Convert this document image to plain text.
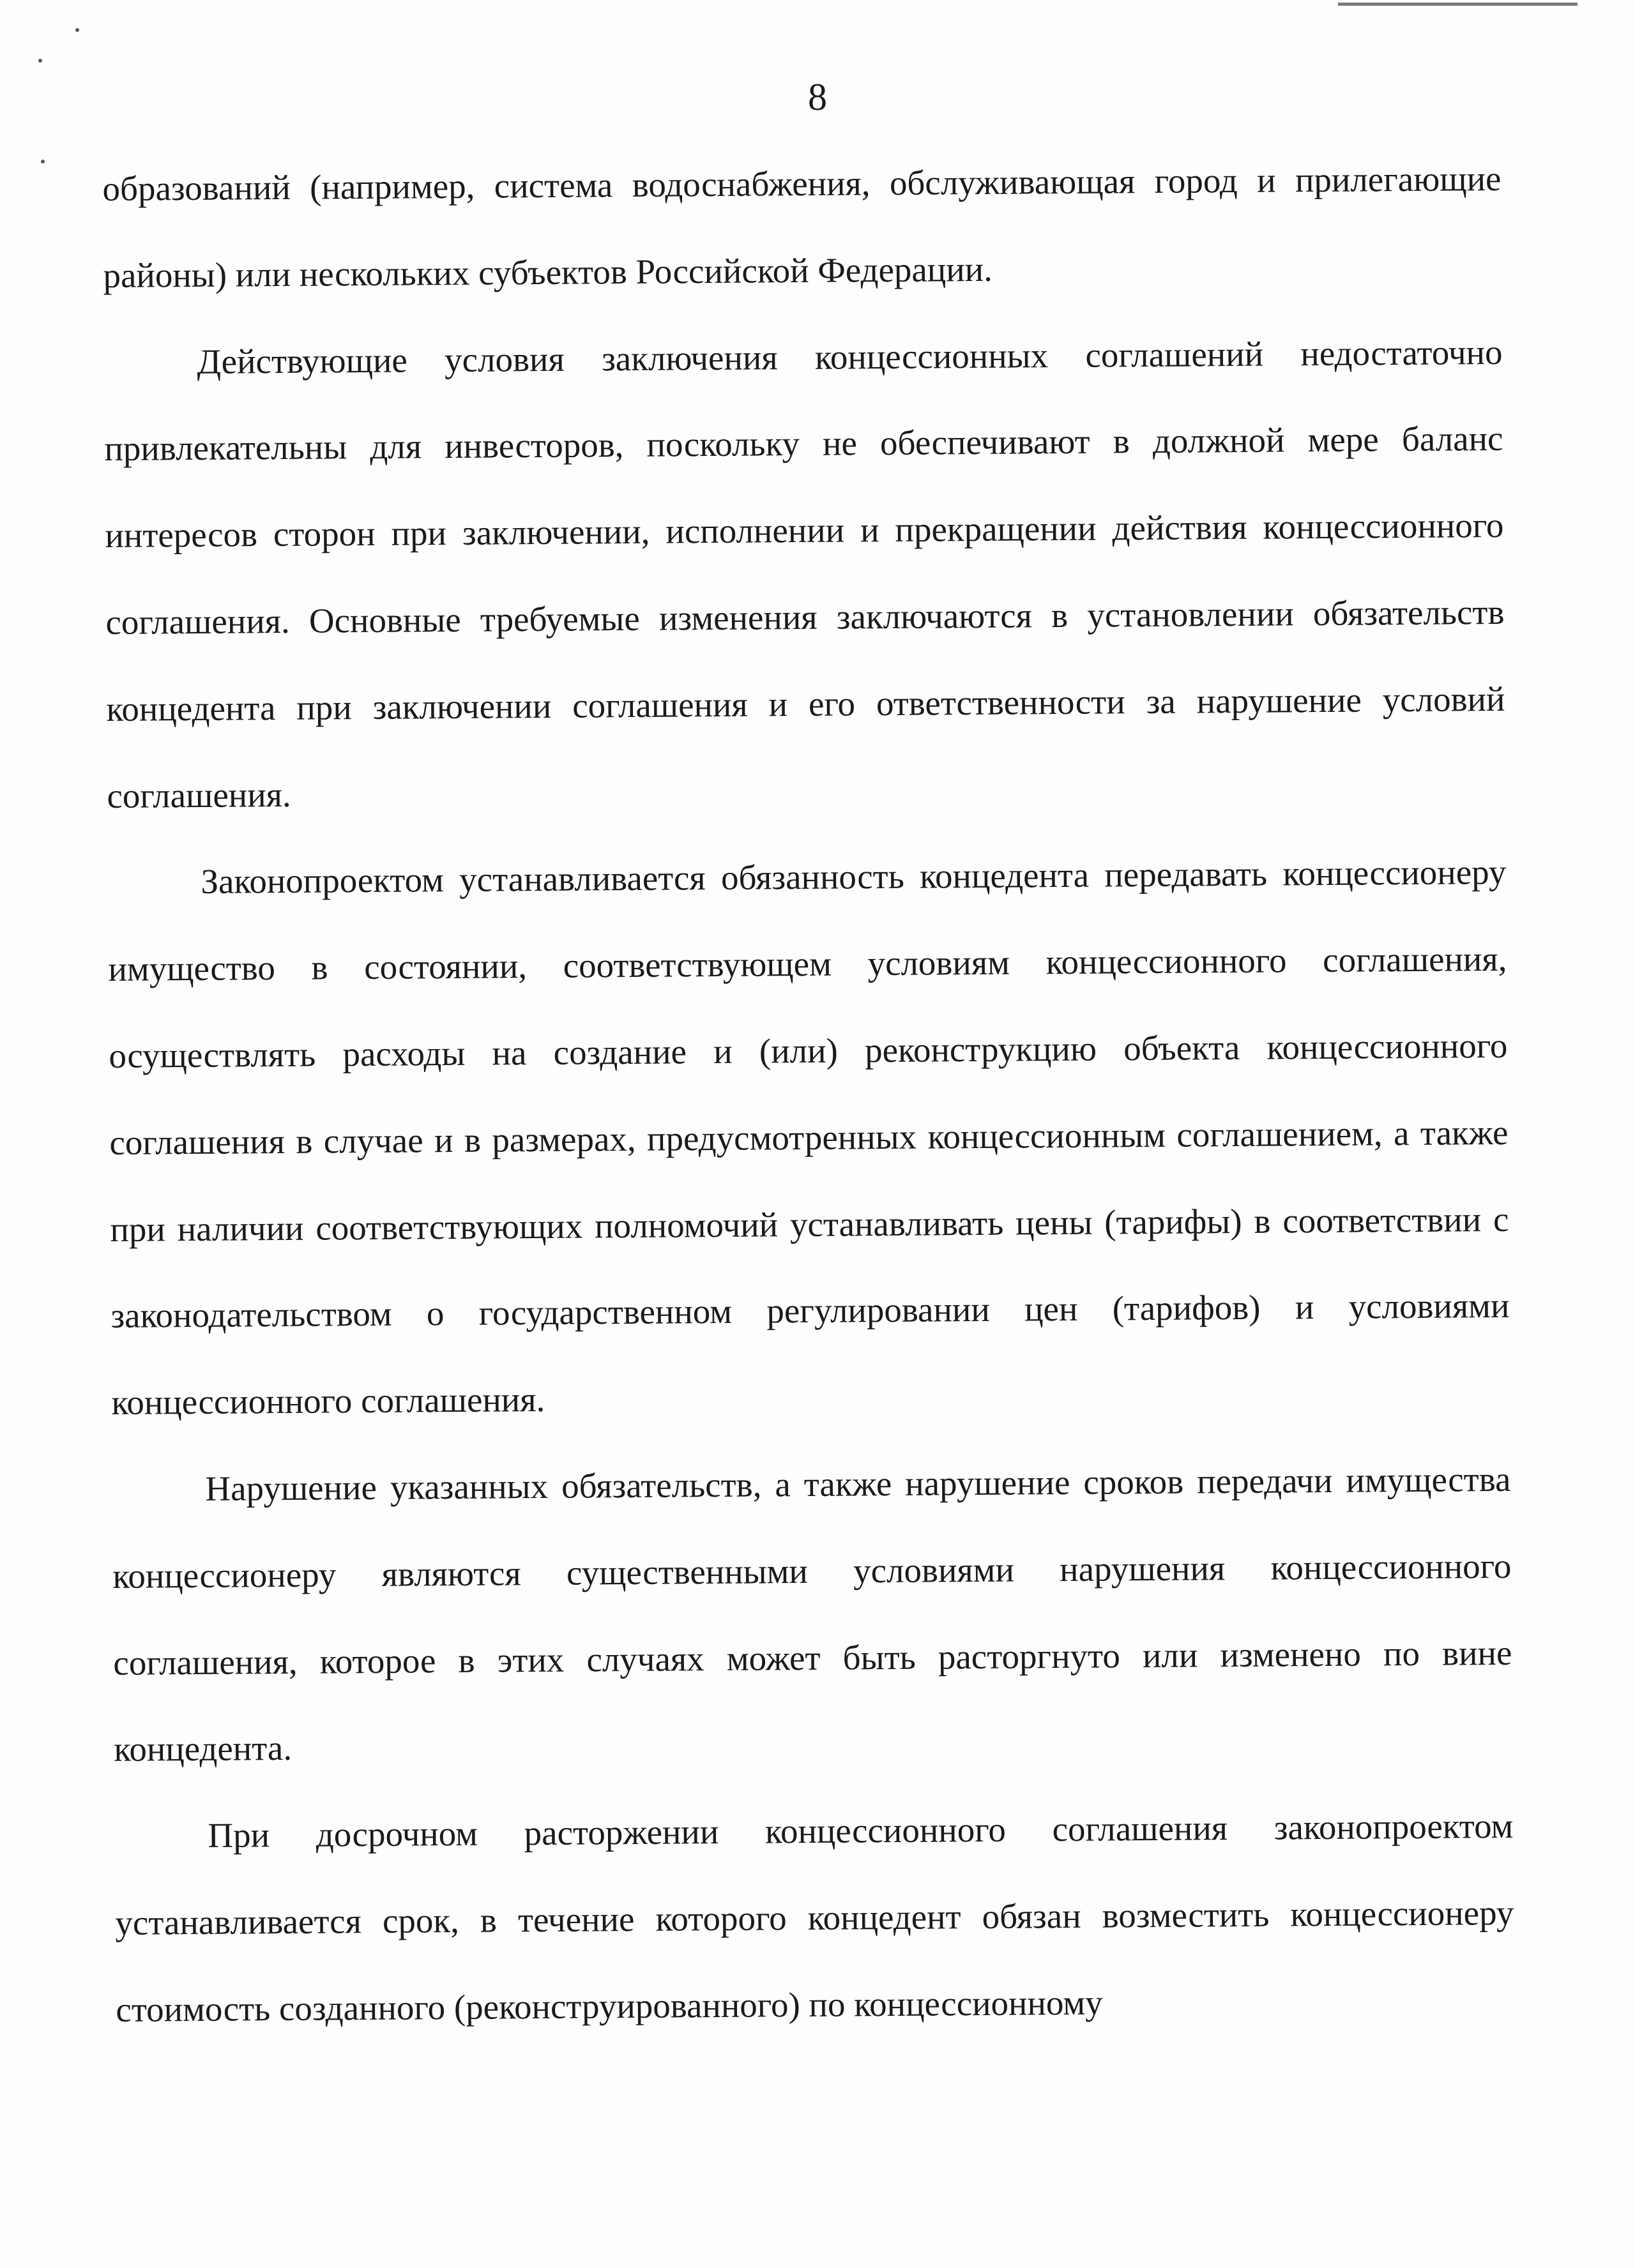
8

образований (например, система водоснабжения, обслуживающая город и прилегающие районы) или нескольких субъектов Российской Федерации.

Действующие условия заключения концессионных соглашений недостаточно привлекательны для инвесторов, поскольку не обеспечивают в должной мере баланс интересов сторон при заключении, исполнении и прекращении действия концессионного соглашения. Основные требуемые изменения заключаются в установлении обязательств концедента при заключении соглашения и его ответственности за нарушение условий соглашения.

Законопроектом устанавливается обязанность концедента передавать концессионеру имущество в состоянии, соответствующем условиям концессионного соглашения, осуществлять расходы на создание и (или) реконструкцию объекта концессионного соглашения в случае и в размерах, предусмотренных концессионным соглашением, а также при наличии соответствующих полномочий устанавливать цены (тарифы) в соответствии с законодательством о государственном регулировании цен (тарифов) и условиями концессионного соглашения.

Нарушение указанных обязательств, а также нарушение сроков передачи имущества концессионеру являются существенными условиями нарушения концессионного соглашения, которое в этих случаях может быть расторгнуто или изменено по вине концедента.

При досрочном расторжении концессионного соглашения законопроектом устанавливается срок, в течение которого концедент обязан возместить концессионеру стоимость созданного (реконструированного) по концессионному
